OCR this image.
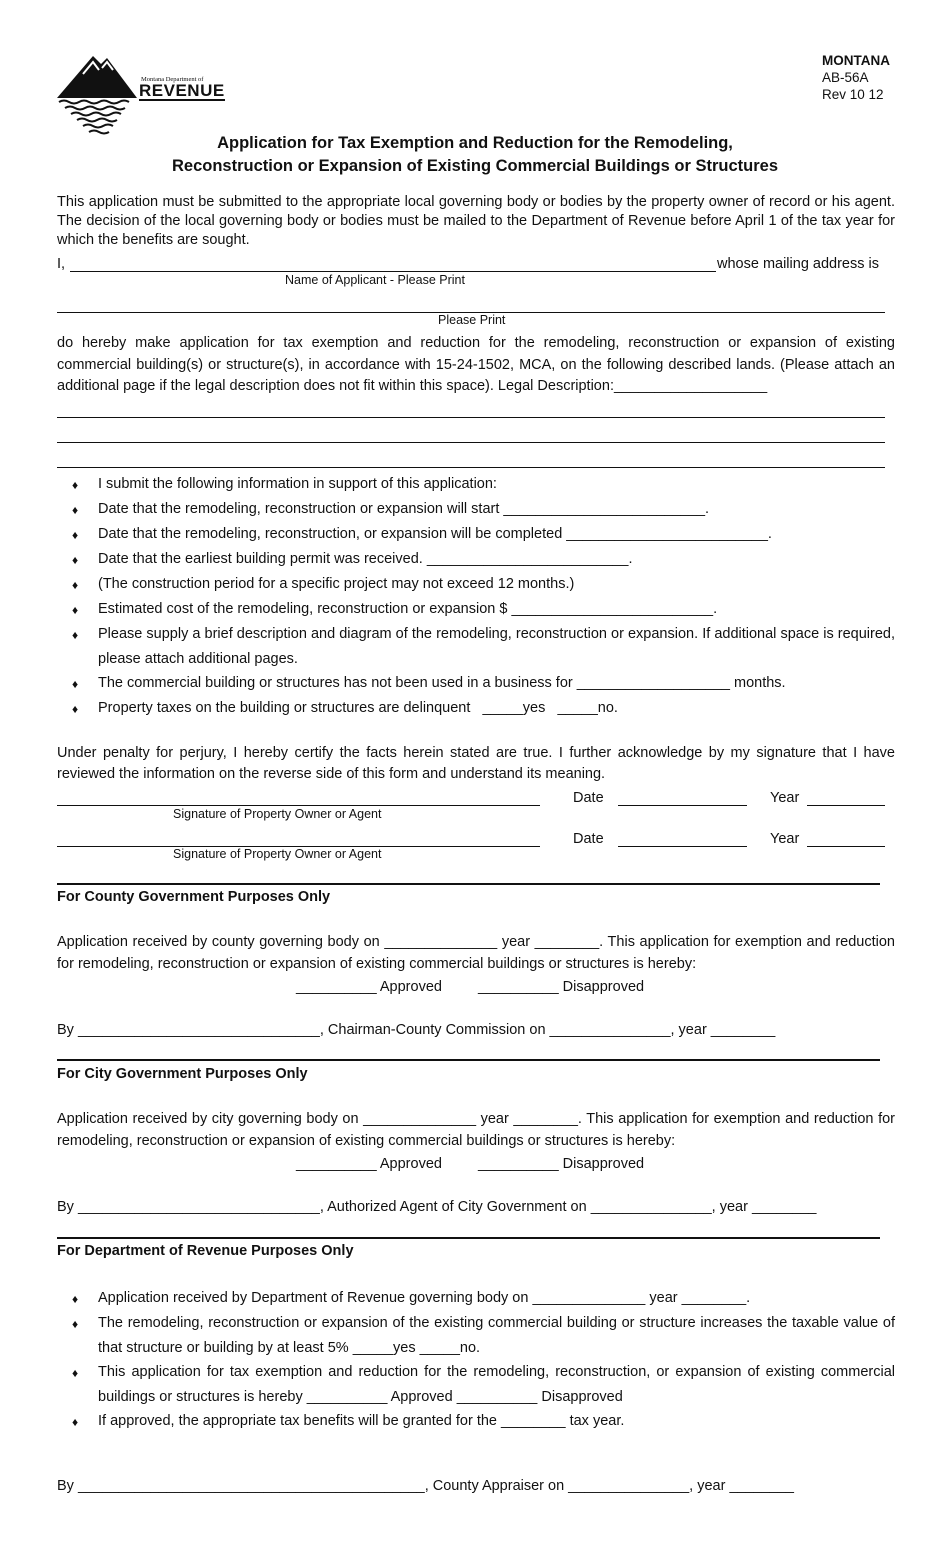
Montana Department of
REVENUE
MONTANA
AB-56A
Rev 10 12
Application for Tax Exemption and Reduction for the Remodeling,
Reconstruction or Expansion of Existing Commercial Buildings or Structures
This application must be submitted to the appropriate local governing body or bodies by the property owner of record or his agent. The decision of the local governing body or bodies must be mailed to the Department of Revenue before April 1 of the tax year for which the benefits are sought.
I,	whose mailing address is
Name of Applicant - Please Print
Please Print
do hereby make application for tax exemption and reduction for the remodeling, reconstruction or expansion of existing commercial building(s) or structure(s), in accordance with 15-24-1502, MCA, on the following described lands. (Please attach an additional page if the legal description does not fit within this space). Legal Description:___________________
♦ I submit the following information in support of this application:
♦ Date that the remodeling, reconstruction or expansion will start _________________________.
♦ Date that the remodeling, reconstruction, or expansion will be completed _________________________.
♦ Date that the earliest building permit was received. _________________________.
♦ (The construction period for a specific project may not exceed 12 months.)
♦ Estimated cost of the remodeling, reconstruction or expansion $ _________________________.
♦ Please supply a brief description and diagram of the remodeling, reconstruction or expansion. If additional space is required, please attach additional pages.
♦ The commercial building or structures has not been used in a business for ___________________ months.
♦ Property taxes on the building or structures are delinquent   _____yes   _____no.
Under penalty for perjury, I hereby certify the facts herein stated are true. I further acknowledge by my signature that I have reviewed the information on the reverse side of this form and understand its meaning.
Signature of Property Owner or Agent
Date	Year
Signature of Property Owner or Agent
Date	Year
For County Government Purposes Only
Application received by county governing body on ______________ year ________. This application for exemption and reduction for remodeling, reconstruction or expansion of existing commercial buildings or structures is hereby:
__________ Approved __________ Disapproved
By ______________________________, Chairman-County Commission on _______________, year ________
For City Government Purposes Only
Application received by city governing body on ______________ year ________. This application for exemption and reduction for remodeling, reconstruction or expansion of existing commercial buildings or structures is hereby:
__________ Approved __________ Disapproved
By ______________________________, Authorized Agent of City Government on _______________, year ________
For Department of Revenue Purposes Only
♦ Application received by Department of Revenue governing body on ______________ year ________.
♦ The remodeling, reconstruction or expansion of the existing commercial building or structure increases the taxable value of that structure or building by at least 5% _____yes _____no.
♦ This application for tax exemption and reduction for the remodeling, reconstruction, or expansion of existing commercial buildings or structures is hereby __________ Approved __________ Disapproved
♦ If approved, the appropriate tax benefits will be granted for the ________ tax year.
By ___________________________________________, County Appraiser on _______________, year ________
